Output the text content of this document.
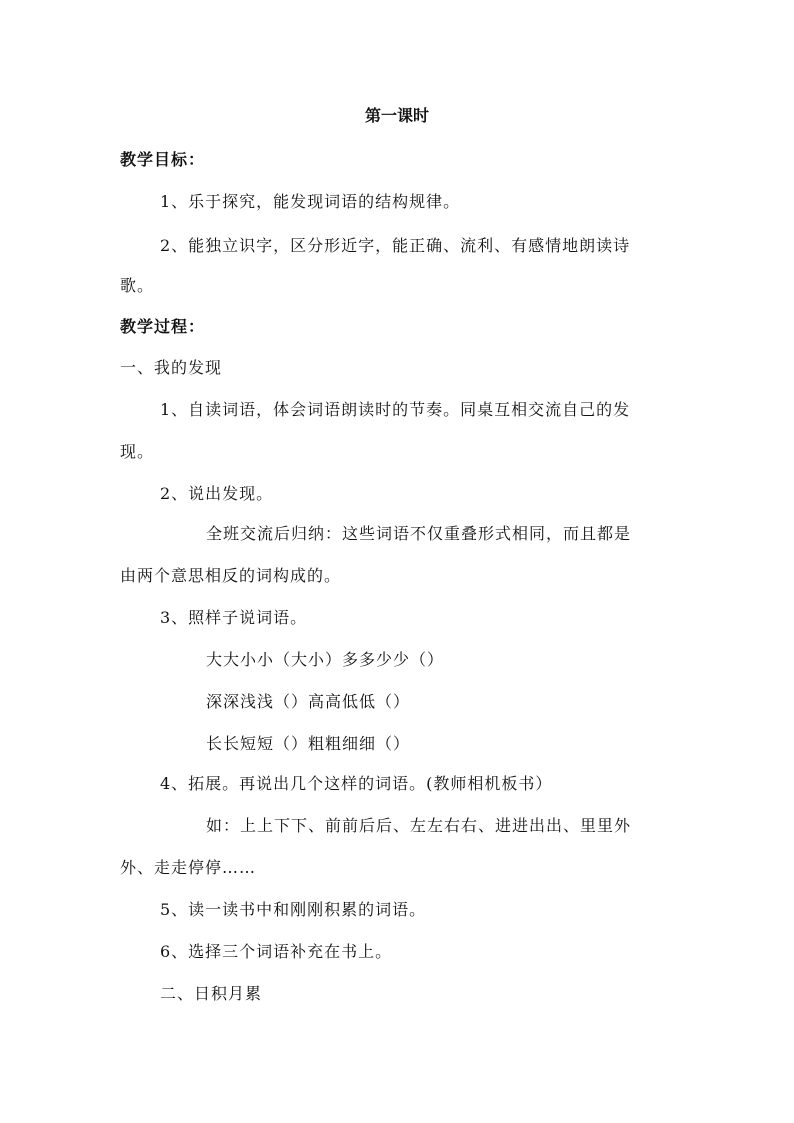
第一课时
教学目标：
1、乐于探究，能发现词语的结构规律。
2、能独立识字，区分形近字，能正确、流利、有感情地朗读诗
歌。
教学过程：
一、我的发现
1、自读词语，体会词语朗读时的节奏。同桌互相交流自己的发
现。
2、说出发现。
全班交流后归纳：这些词语不仅重叠形式相同，而且都是
由两个意思相反的词构成的。
3、照样子说词语。
大大小小（大小）多多少少（）
深深浅浅（）高高低低（）
长长短短（）粗粗细细（）
4、拓展。再说出几个这样的词语。(教师相机板书）
如：上上下下、前前后后、左左右右、进进出出、里里外
外、走走停停……
5、读一读书中和刚刚积累的词语。
6、选择三个词语补充在书上。
二、日积月累
